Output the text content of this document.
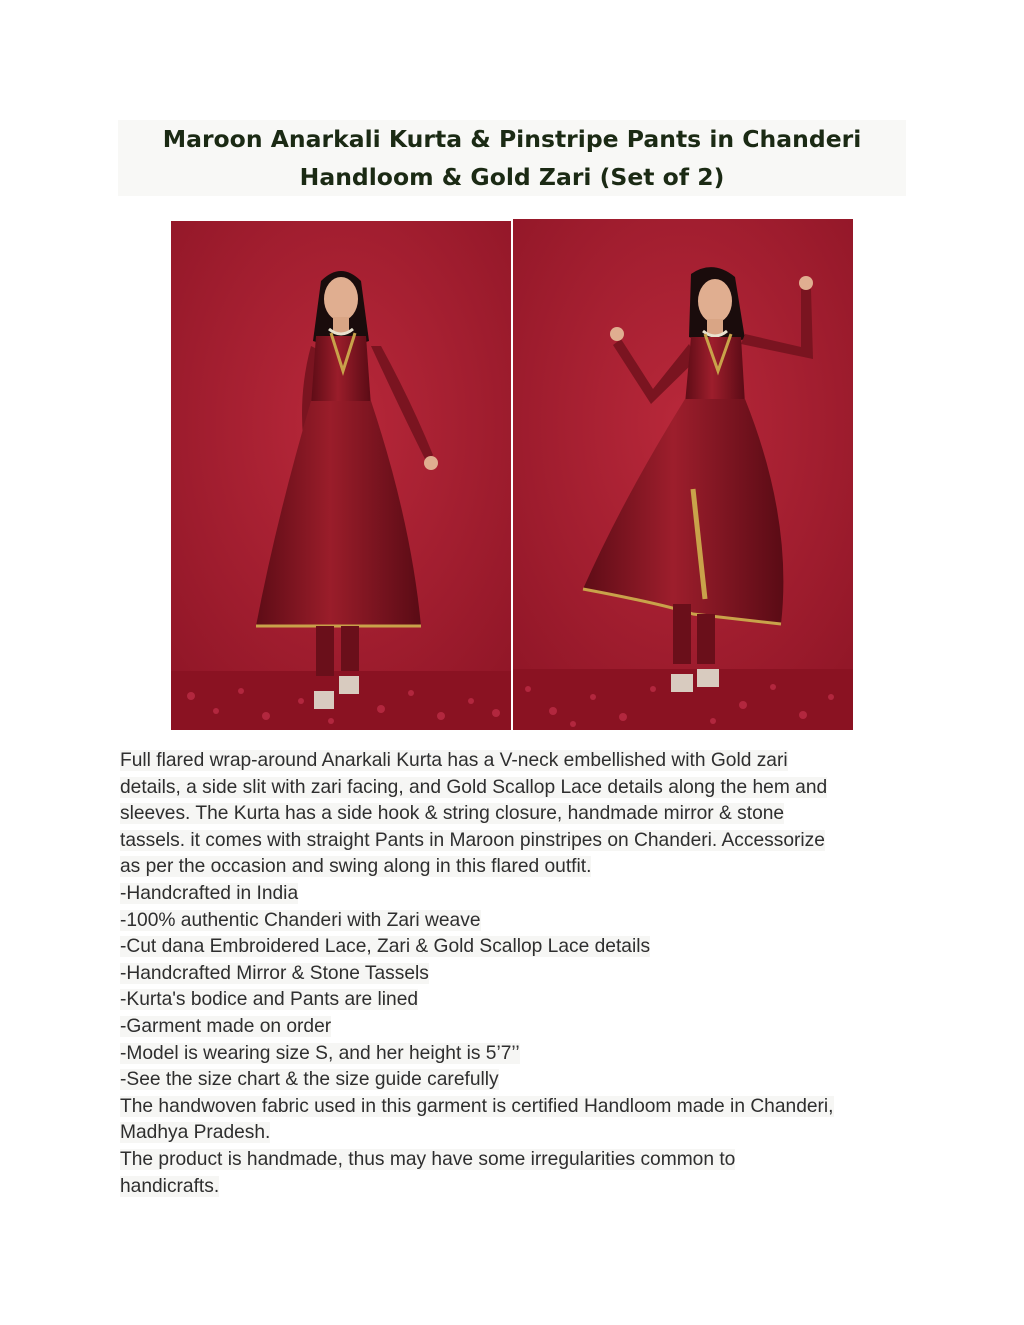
Maroon Anarkali Kurta & Pinstripe Pants in Chanderi
Handloom & Gold Zari (Set of 2)
Full flared wrap-around Anarkali Kurta has a V-neck embellished with Gold zari
details, a side slit with zari facing, and Gold Scallop Lace details along the hem and
sleeves. The Kurta has a side hook & string closure, handmade mirror & stone
tassels. it comes with straight Pants in Maroon pinstripes on Chanderi. Accessorize
as per the occasion and swing along in this flared outfit.
-Handcrafted in India
-100% authentic Chanderi with Zari weave
-Cut dana Embroidered Lace, Zari & Gold Scallop Lace details
-Handcrafted Mirror & Stone Tassels
-Kurta's bodice and Pants are lined
-Garment made on order
-Model is wearing size S, and her height is 5’7’’
-See the size chart & the size guide carefully
The handwoven fabric used in this garment is certified Handloom made in Chanderi,
Madhya Pradesh.
The product is handmade, thus may have some irregularities common to
handicrafts.
